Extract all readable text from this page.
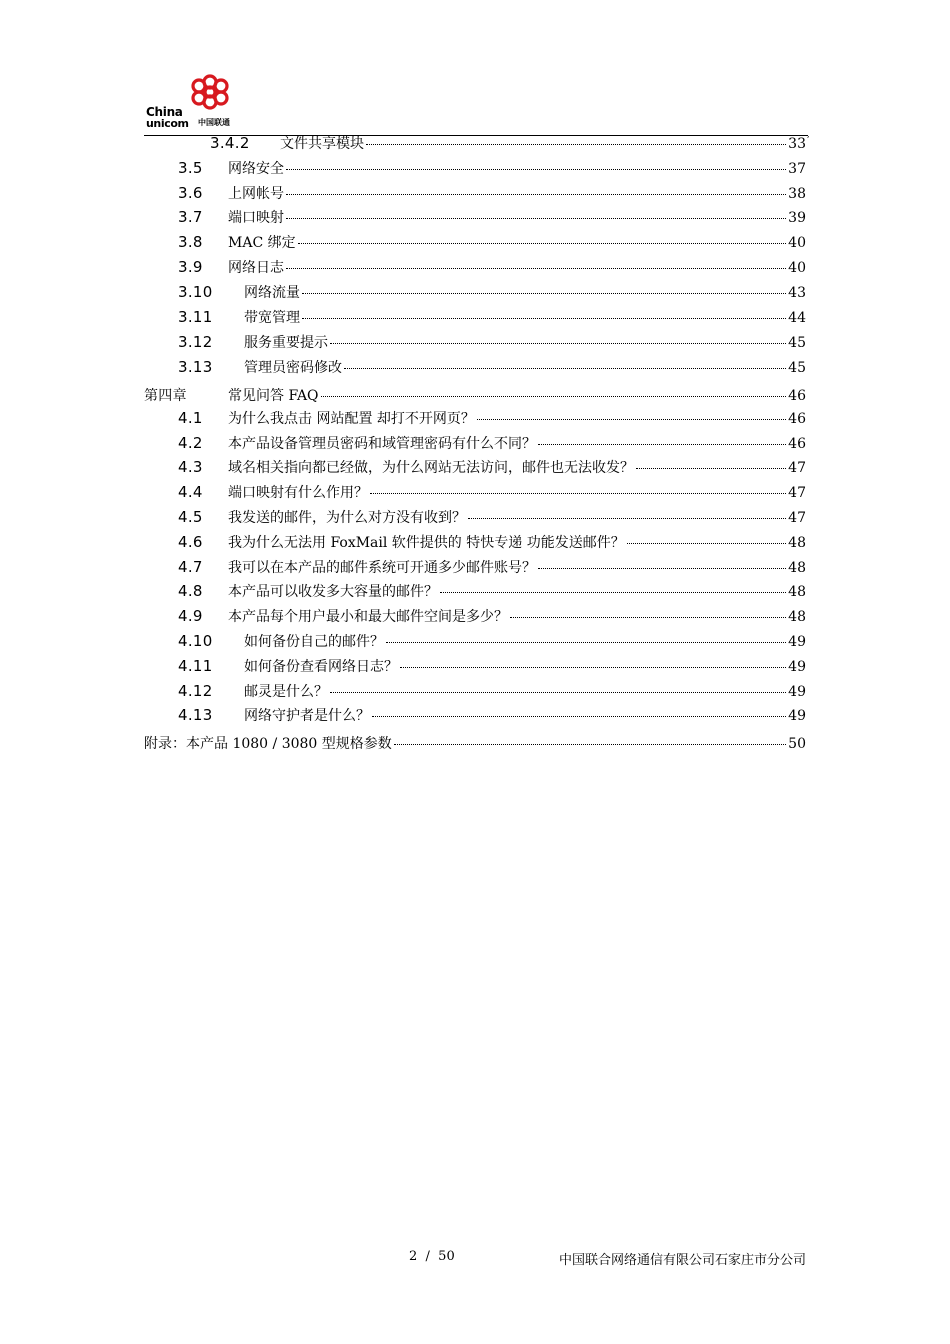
China
unicom 中国联通
,
3.4.2	文件共享模块	33
3.5	网络安全	37
3.6	上网帐号	38
3.7	端口映射	39
3.8	MAC 绑定	40
3.9	网络日志	40
3.10	网络流量	43
3.11	带宽管理	44
3.12	服务重要提示	45
3.13	管理员密码修改	45
第四章	常见问答 FAQ	46
4.1	为什么我点击 网站配置 却打不开网页？	46
4.2	本产品设备管理员密码和域管理密码有什么不同？	46
4.3	域名相关指向都已经做，为什么网站无法访问，邮件也无法收发？	47
4.4	端口映射有什么作用？	47
4.5	我发送的邮件，为什么对方没有收到？	47
4.6	我为什么无法用 FoxMail 软件提供的 特快专递 功能发送邮件？	48
4.7	我可以在本产品的邮件系统可开通多少邮件账号？	48
4.8	本产品可以收发多大容量的邮件？	48
4.9	本产品每个用户最小和最大邮件空间是多少？	48
4.10	如何备份自己的邮件？	49
4.11	如何备份查看网络日志？	49
4.12	邮灵是什么？	49
4.13	网络守护者是什么？	49
附录：本产品 1080 / 3080 型规格参数	50
2  /  50	中国联合网络通信有限公司石家庄市分公司
